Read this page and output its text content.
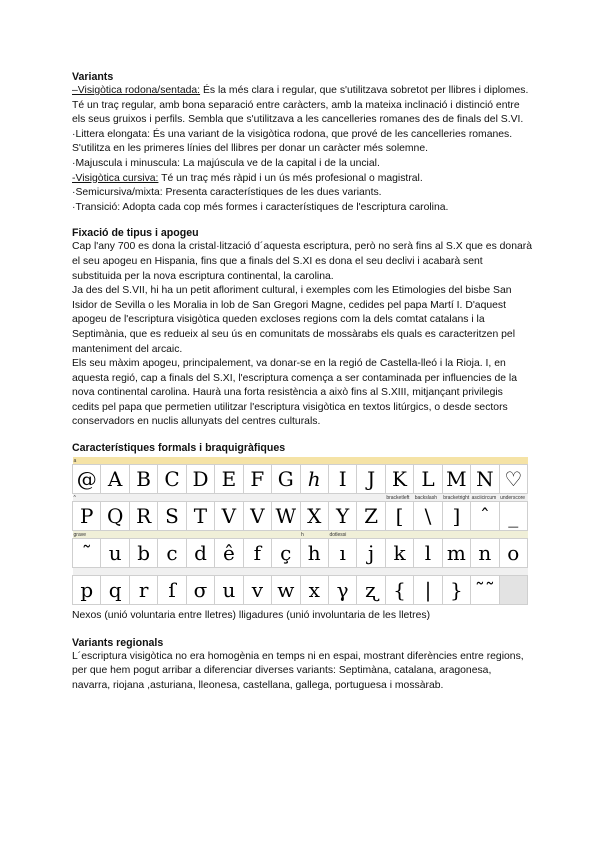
Variants

–Visigòtica rodona/sentada: És la més clara i regular, que s'utilitzava sobretot per llibres i diplomes. Té un traç regular, amb bona separació entre caràcters, amb la mateixa inclinació i distinció entre els seus gruixos i perfils. Sembla que s'utilitzava a les cancelleries romanes des de finals del S.VI.

·Littera elongata: És una variant de la visigòtica rodona, que prové de les cancelleries romanes. S'utilitza en les primeres línies del llibres per donar un caràcter més solemne.

·Majuscula i minuscula: La majúscula ve de la capital i de la uncial.

-Visigòtica cursiva: Té un traç més ràpid i un ús més profesional o magistral.

·Semicursiva/mixta: Presenta característiques de les dues variants.

·Transició: Adopta cada cop més formes i característiques de l'escriptura carolina.

Fixació de tipus i apogeu

Cap l'any 700 es dona la cristal·lització d´aquesta escriptura, però no serà fins al S.X que es donarà el seu apogeu en Hispania, fins que a finals del S.XI es dona el seu declivi i acabarà sent substituida per la nova escriptura continental, la carolina.

Ja des del S.VII, hi ha un petit afloriment cultural, i exemples com les Etimologies del bisbe San Isidor de Sevilla o les Moralia in lob de San Gregori Magne, cedides pel papa Martí I. D'aquest apogeu de l'escriptura visigòtica queden excloses regions com la dels comtat catalans i la Septimània, que es redueix al seu ús en comunitats de mossàrabs els quals es caracteritzen pel manteniment del arcaic.

Els seu màxim apogeu, principalement, va donar-se en la regió de Castella-lleó i la Rioja. I, en aquesta regió, cap a finals del S.XI, l'escriptura comença a ser contaminada per influencies de la nova continental carolina. Haurà una forta resistència a això fins al S.XIII, mitjançant privilegis cedits pel papa que permetien utilitzar l'escriptura visigòtica en textos litúrgics, o desde sectors conservadors en nuclis allunyats del centres culturals.

Característiques formals i braquigràfiques
a															
@	A	B	C	D	E	F	G	h	I	J	K	L	M	N	♡
^											bracketleft	backslash	bracketright	asciicircum	underscore
P	Q	R	S	T	V	V	W	X	Y	Z	[	\	]	ˆ	_
grave								h	dotlessi						
˜	u	b	c	d	ê	f	ç	h	ı	j	k	l	m	n	o

p	q	r	ſ	σ	u	v	w	x	γ	ʐ	{	|	}	˜˜	

Nexos (unió voluntaria entre lletres) lligadures (unió involuntaria de les lletres)

Variants regionals

L´escriptura visigòtica no era homogènia en temps ni en espai, mostrant diferències entre regions, per que hem pogut arribar a diferenciar diverses variants: Septimàna, catalana, aragonesa, navarra, riojana ,asturiana, lleonesa, castellana, gallega, portuguesa i mossàrab.
